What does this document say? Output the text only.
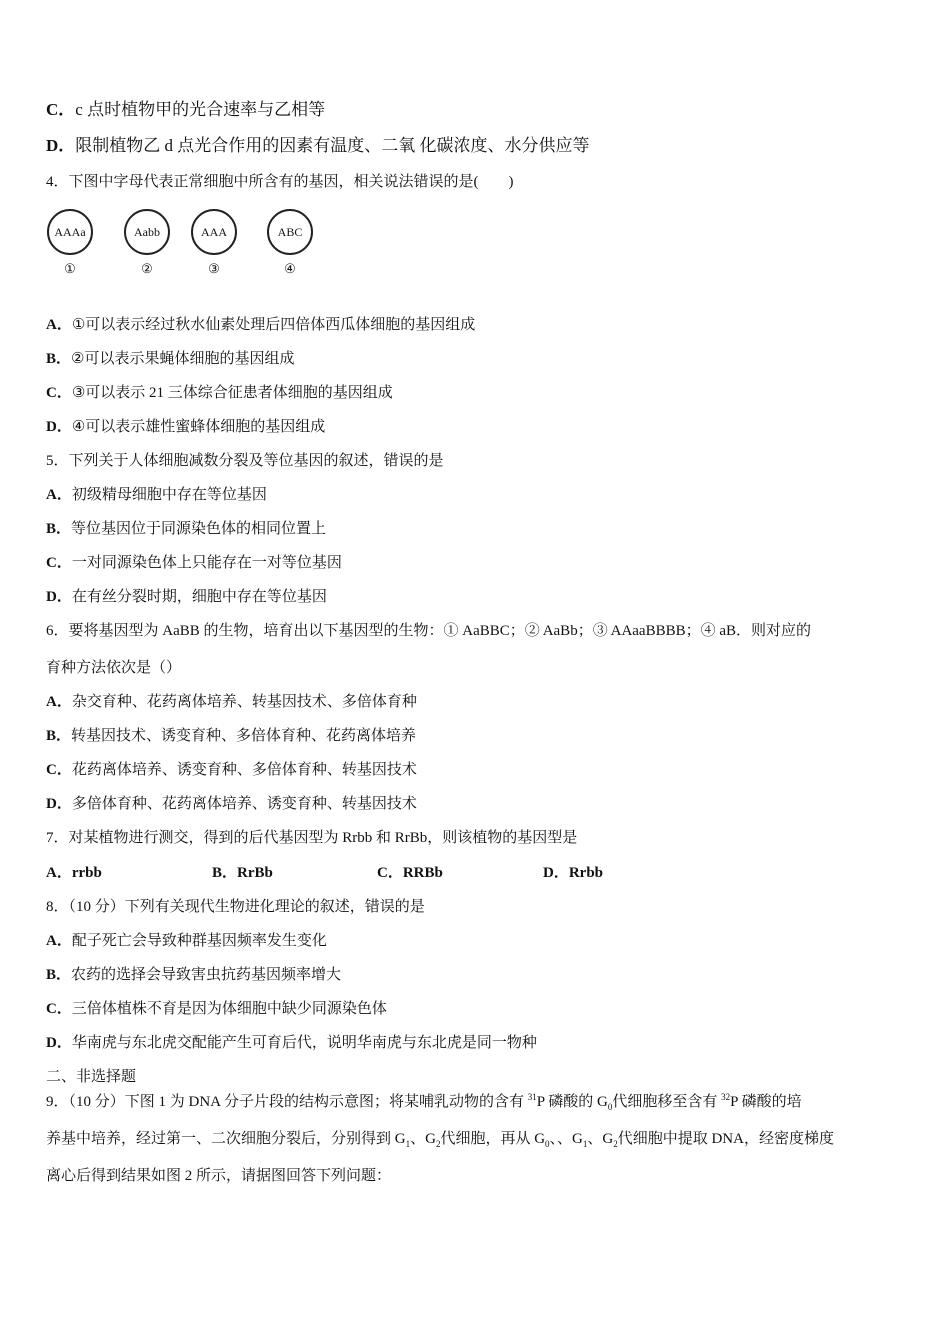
C．c 点时植物甲的光合速率与乙相等
D．限制植物乙 d 点光合作用的因素有温度、二氧 化碳浓度、水分供应等
4．下图中字母代表正常细胞中所含有的基因，相关说法错误的是(　　)
AAAa
①
Aabb
②
AAA
③
ABC
④
A．①可以表示经过秋水仙素处理后四倍体西瓜体细胞的基因组成
B．②可以表示果蝇体细胞的基因组成
C．③可以表示 21 三体综合征患者体细胞的基因组成
D．④可以表示雄性蜜蜂体细胞的基因组成
5．下列关于人体细胞减数分裂及等位基因的叙述，错误的是
A．初级精母细胞中存在等位基因
B．等位基因位于同源染色体的相同位置上
C．一对同源染色体上只能存在一对等位基因
D．在有丝分裂时期，细胞中存在等位基因
6．要将基因型为 AaBB 的生物，培育出以下基因型的生物：① AaBBC；② AaBb；③ AAaaBBBB；④ aB．则对应的
育种方法依次是（）
A．杂交育种、花药离体培养、转基因技术、多倍体育种
B．转基因技术、诱变育种、多倍体育种、花药离体培养
C．花药离体培养、诱变育种、多倍体育种、转基因技术
D．多倍体育种、花药离体培养、诱变育种、转基因技术
7．对某植物进行测交，得到的后代基因型为 Rrbb 和 RrBb，则该植物的基因型是
A．rrbb	B．RrBb	C．RRBb	D．Rrbb
8．（10 分）下列有关现代生物进化理论的叙述，错误的是
A．配子死亡会导致种群基因频率发生变化
B．农药的选择会导致害虫抗药基因频率增大
C．三倍体植株不育是因为体细胞中缺少同源染色体
D．华南虎与东北虎交配能产生可育后代，说明华南虎与东北虎是同一物种
二、非选择题
9．（10 分）下图 1 为 DNA 分子片段的结构示意图；将某哺乳动物的含有 $^{31}$P 磷酸的 $G_0$代细胞移至含有 $^{32}$P 磷酸的培
养基中培养，经过第一、二次细胞分裂后，分别得到 $G_1$、$G_2$代细胞，再从 $G_0$、、$G_1$、$G_2$代细胞中提取 DNA，经密度梯度
离心后得到结果如图 2 所示，请据图回答下列问题：
